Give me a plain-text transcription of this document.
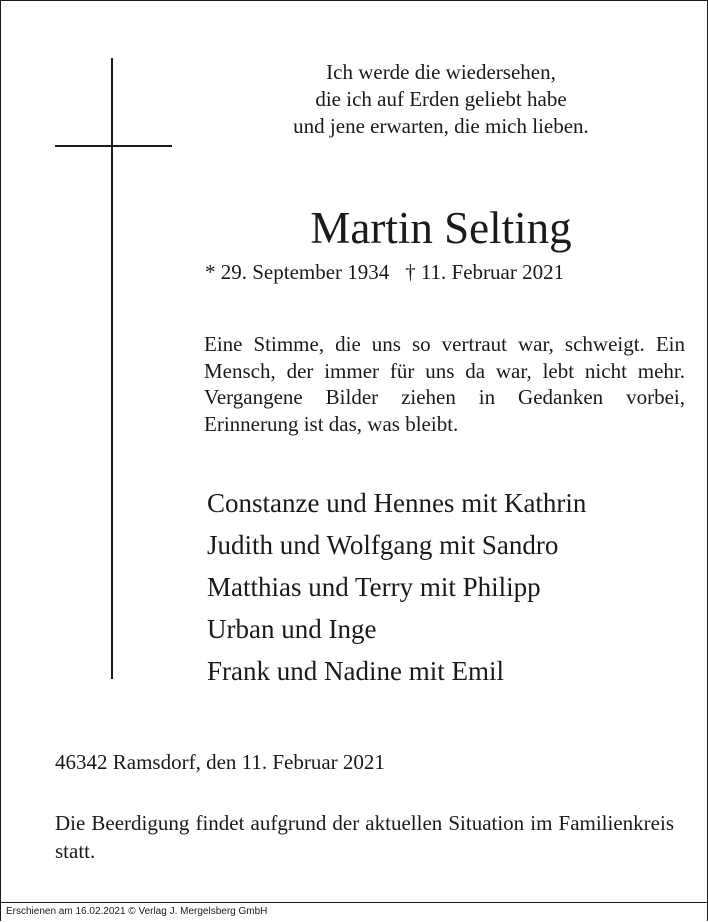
Ich werde die wiedersehen,
die ich auf Erden geliebt habe
und jene erwarten, die mich lieben.
Martin Selting
* 29. September 1934 † 11. Februar 2021
Eine Stimme, die uns so vertraut war, schweigt. Ein Mensch, der immer für uns da war, lebt nicht mehr. Vergangene Bilder ziehen in Gedanken vorbei, Erinnerung ist das, was bleibt.
Constanze und Hennes mit Kathrin
Judith und Wolfgang mit Sandro
Matthias und Terry mit Philipp
Urban und Inge
Frank und Nadine mit Emil
46342 Ramsdorf, den 11. Februar 2021
Die Beerdigung findet aufgrund der aktuellen Situation im Familienkreis statt.
Erschienen am 16.02.2021 © Verlag J. Mergelsberg GmbH
